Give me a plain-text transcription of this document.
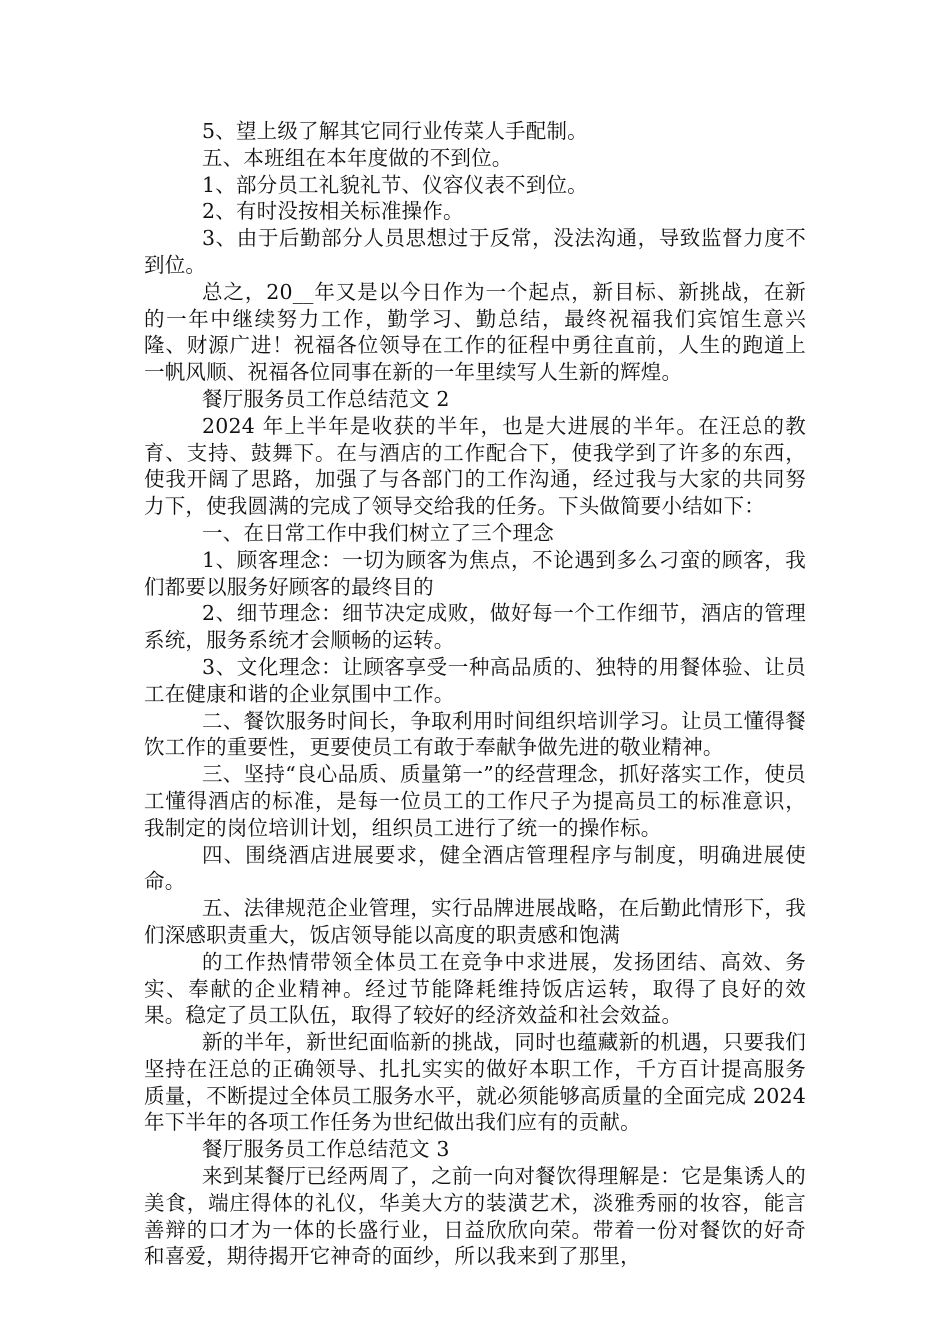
5、望上级了解其它同行业传菜人手配制。

五、本班组在本年度做的不到位。

1、部分员工礼貌礼节、仪容仪表不到位。

2、有时没按相关标准操作。

3、由于后勤部分人员思想过于反常，没法沟通，导致监督力度不到位。

总之，20__年又是以今日作为一个起点，新目标、新挑战，在新的一年中继续努力工作，勤学习、勤总结，最终祝福我们宾馆生意兴隆、财源广进！祝福各位领导在工作的征程中勇往直前，人生的跑道上一帆风顺、祝福各位同事在新的一年里续写人生新的辉煌。

餐厅服务员工作总结范文 2

2024 年上半年是收获的半年，也是大进展的半年。在汪总的教育、支持、鼓舞下。在与酒店的工作配合下，使我学到了许多的东西，使我开阔了思路，加强了与各部门的工作沟通，经过我与大家的共同努力下，使我圆满的完成了领导交给我的任务。下头做简要小结如下：

一、在日常工作中我们树立了三个理念

1、顾客理念：一切为顾客为焦点，不论遇到多么刁蛮的顾客，我们都要以服务好顾客的最终目的

2、细节理念：细节决定成败，做好每一个工作细节，酒店的管理系统，服务系统才会顺畅的运转。

3、文化理念：让顾客享受一种高品质的、独特的用餐体验、让员工在健康和谐的企业氛围中工作。

二、餐饮服务时间长，争取利用时间组织培训学习。让员工懂得餐饮工作的重要性，更要使员工有敢于奉献争做先进的敬业精神。

三、坚持“良心品质、质量第一”的经营理念，抓好落实工作，使员工懂得酒店的标准，是每一位员工的工作尺子为提高员工的标准意识，我制定的岗位培训计划，组织员工进行了统一的操作标。

四、围绕酒店进展要求，健全酒店管理程序与制度，明确进展使命。

五、法律规范企业管理，实行品牌进展战略，在后勤此情形下，我们深感职责重大，饭店领导能以高度的职责感和饱满

的工作热情带领全体员工在竞争中求进展，发扬团结、高效、务实、奉献的企业精神。经过节能降耗维持饭店运转，取得了良好的效果。稳定了员工队伍，取得了较好的经济效益和社会效益。

新的半年，新世纪面临新的挑战，同时也蕴藏新的机遇，只要我们坚持在汪总的正确领导、扎扎实实的做好本职工作，千方百计提高服务质量，不断提过全体员工服务水平，就必须能够高质量的全面完成 2024 年下半年的各项工作任务为世纪做出我们应有的贡献。

餐厅服务员工作总结范文 3

来到某餐厅已经两周了，之前一向对餐饮得理解是：它是集诱人的美食，端庄得体的礼仪，华美大方的装潢艺术，淡雅秀丽的妆容，能言善辩的口才为一体的长盛行业，日益欣欣向荣。带着一份对餐饮的好奇和喜爱，期待揭开它神奇的面纱，所以我来到了那里，
